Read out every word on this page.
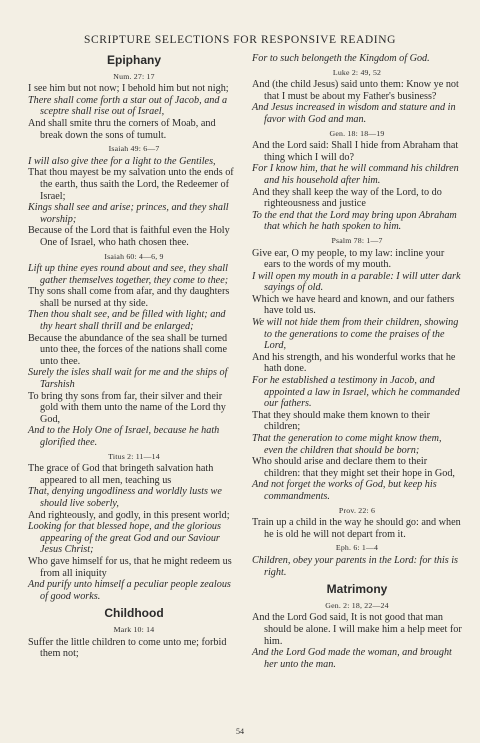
SCRIPTURE SELECTIONS FOR RESPONSIVE READING
Epiphany
Num. 27: 17
I see him but not now; I behold him but not nigh;
There shall come forth a star out of Jacob, and a sceptre shall rise out of Israel,
And shall smite thru the corners of Moab, and break down the sons of tumult.
Isaiah 49: 6—7
I will also give thee for a light to the Gentiles,
That thou mayest be my salvation unto the ends of the earth, thus saith the Lord, the Redeemer of Israel;
Kings shall see and arise; princes, and they shall worship;
Because of the Lord that is faithful even the Holy One of Israel, who hath chosen thee.
Isaiah 60: 4—6, 9
Lift up thine eyes round about and see, they shall gather themselves together, they come to thee;
Thy sons shall come from afar, and thy daughters shall be nursed at thy side.
Then thou shalt see, and be filled with light; and thy heart shall thrill and be enlarged;
Because the abundance of the sea shall be turned unto thee, the forces of the nations shall come unto thee.
Surely the isles shall wait for me and the ships of Tarshish
To bring thy sons from far, their silver and their gold with them unto the name of the Lord thy God,
And to the Holy One of Israel, because he hath glorified thee.
Titus 2: 11—14
The grace of God that bringeth salvation hath appeared to all men, teaching us
That, denying ungodliness and worldly lusts we should live soberly,
And righteously, and godly, in this present world;
Looking for that blessed hope, and the glorious appearing of the great God and our Saviour Jesus Christ;
Who gave himself for us, that he might redeem us from all iniquity
And purify unto himself a peculiar people zealous of good works.
Childhood
Mark 10: 14
Suffer the little children to come unto me; forbid them not;
For to such belongeth the Kingdom of God.
Luke 2: 49, 52
And (the child Jesus) said unto them: Know ye not that I must be about my Father's business?
And Jesus increased in wisdom and stature and in favor with God and man.
Gen. 18: 18—19
And the Lord said: Shall I hide from Abraham that thing which I will do?
For I know him, that he will command his children and his household after him.
And they shall keep the way of the Lord, to do righteousness and justice
To the end that the Lord may bring upon Abraham that which he hath spoken to him.
Psalm 78: 1—7
Give ear, O my people, to my law: incline your ears to the words of my mouth.
I will open my mouth in a parable: I will utter dark sayings of old.
Which we have heard and known, and our fathers have told us.
We will not hide them from their children, showing to the generations to come the praises of the Lord,
And his strength, and his wonderful works that he hath done.
For he established a testimony in Jacob, and appointed a law in Israel, which he commanded our fathers.
That they should make them known to their children;
That the generation to come might know them, even the children that should be born;
Who should arise and declare them to their children: that they might set their hope in God,
And not forget the works of God, but keep his commandments.
Prov. 22: 6
Train up a child in the way he should go: and when he is old he will not depart from it.
Eph. 6: 1—4
Children, obey your parents in the Lord: for this is right.
Matrimony
Gen. 2: 18, 22—24
And the Lord God said, It is not good that man should be alone. I will make him a help meet for him.
And the Lord God made the woman, and brought her unto the man.
54
